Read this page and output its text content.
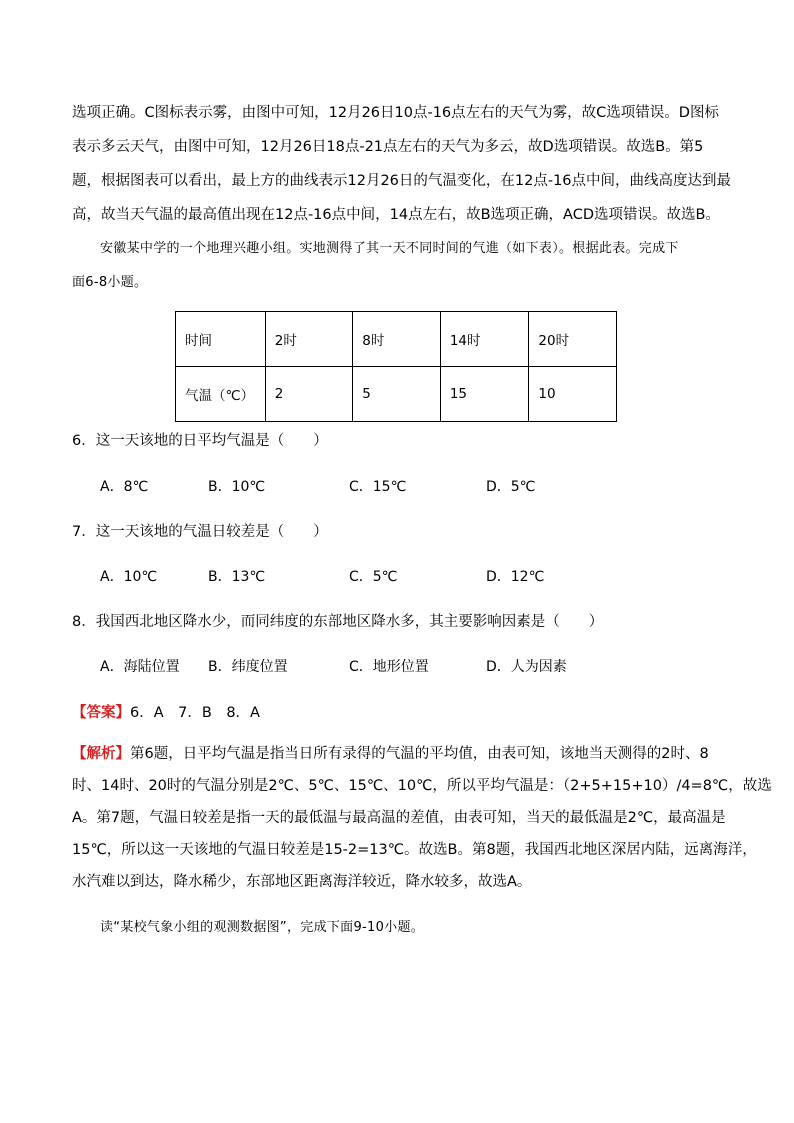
选项正确。C图标表示雾，由图中可知，12月26日10点-16点左右的天气为雾，故C选项错误。D图标
表示多云天气，由图中可知，12月26日18点-21点左右的天气为多云，故D选项错误。故选B。第5
题，根据图表可以看出，最上方的曲线表示12月26日的气温变化，在12点-16点中间，曲线高度达到最
高，故当天气温的最高值出现在12点-16点中间，14点左右，故B选项正确，ACD选项错误。故选B。
安徽某中学的一个地理兴趣小组。实地测得了其一天不同时间的气進（如下表）。根据此表。完成下
面6-8小题。
时间	2时	8时	14时	20时
气温（℃）	2	5	15	10
6．这一天该地的日平均气温是（　　）
A．8℃	B．10℃	C．15℃	D．5℃
7．这一天该地的气温日较差是（　　）
A．10℃	B．13℃	C．5℃	D．12℃
8．我国西北地区降水少，而同纬度的东部地区降水多，其主要影响因素是（　　）
A．海陆位置 B．纬度位置	C．地形位置	D．人为因素
【答案】6．A　7．B　8．A
【解析】第6题，日平均气温是指当日所有录得的气温的平均值，由表可知，该地当天测得的2时、8
时、14时、20时的气温分别是2℃、5℃、15℃、10℃，所以平均气温是：（2+5+15+10）/4=8℃，故选
A。第7题，气温日较差是指一天的最低温与最高温的差值，由表可知，当天的最低温是2℃，最高温是
15℃，所以这一天该地的气温日较差是15-2=13℃。故选B。第8题，我国西北地区深居内陆，远离海洋，
水汽难以到达，降水稀少，东部地区距离海洋较近，降水较多，故选A。
读“某校气象小组的观测数据图”，完成下面9-10小题。
